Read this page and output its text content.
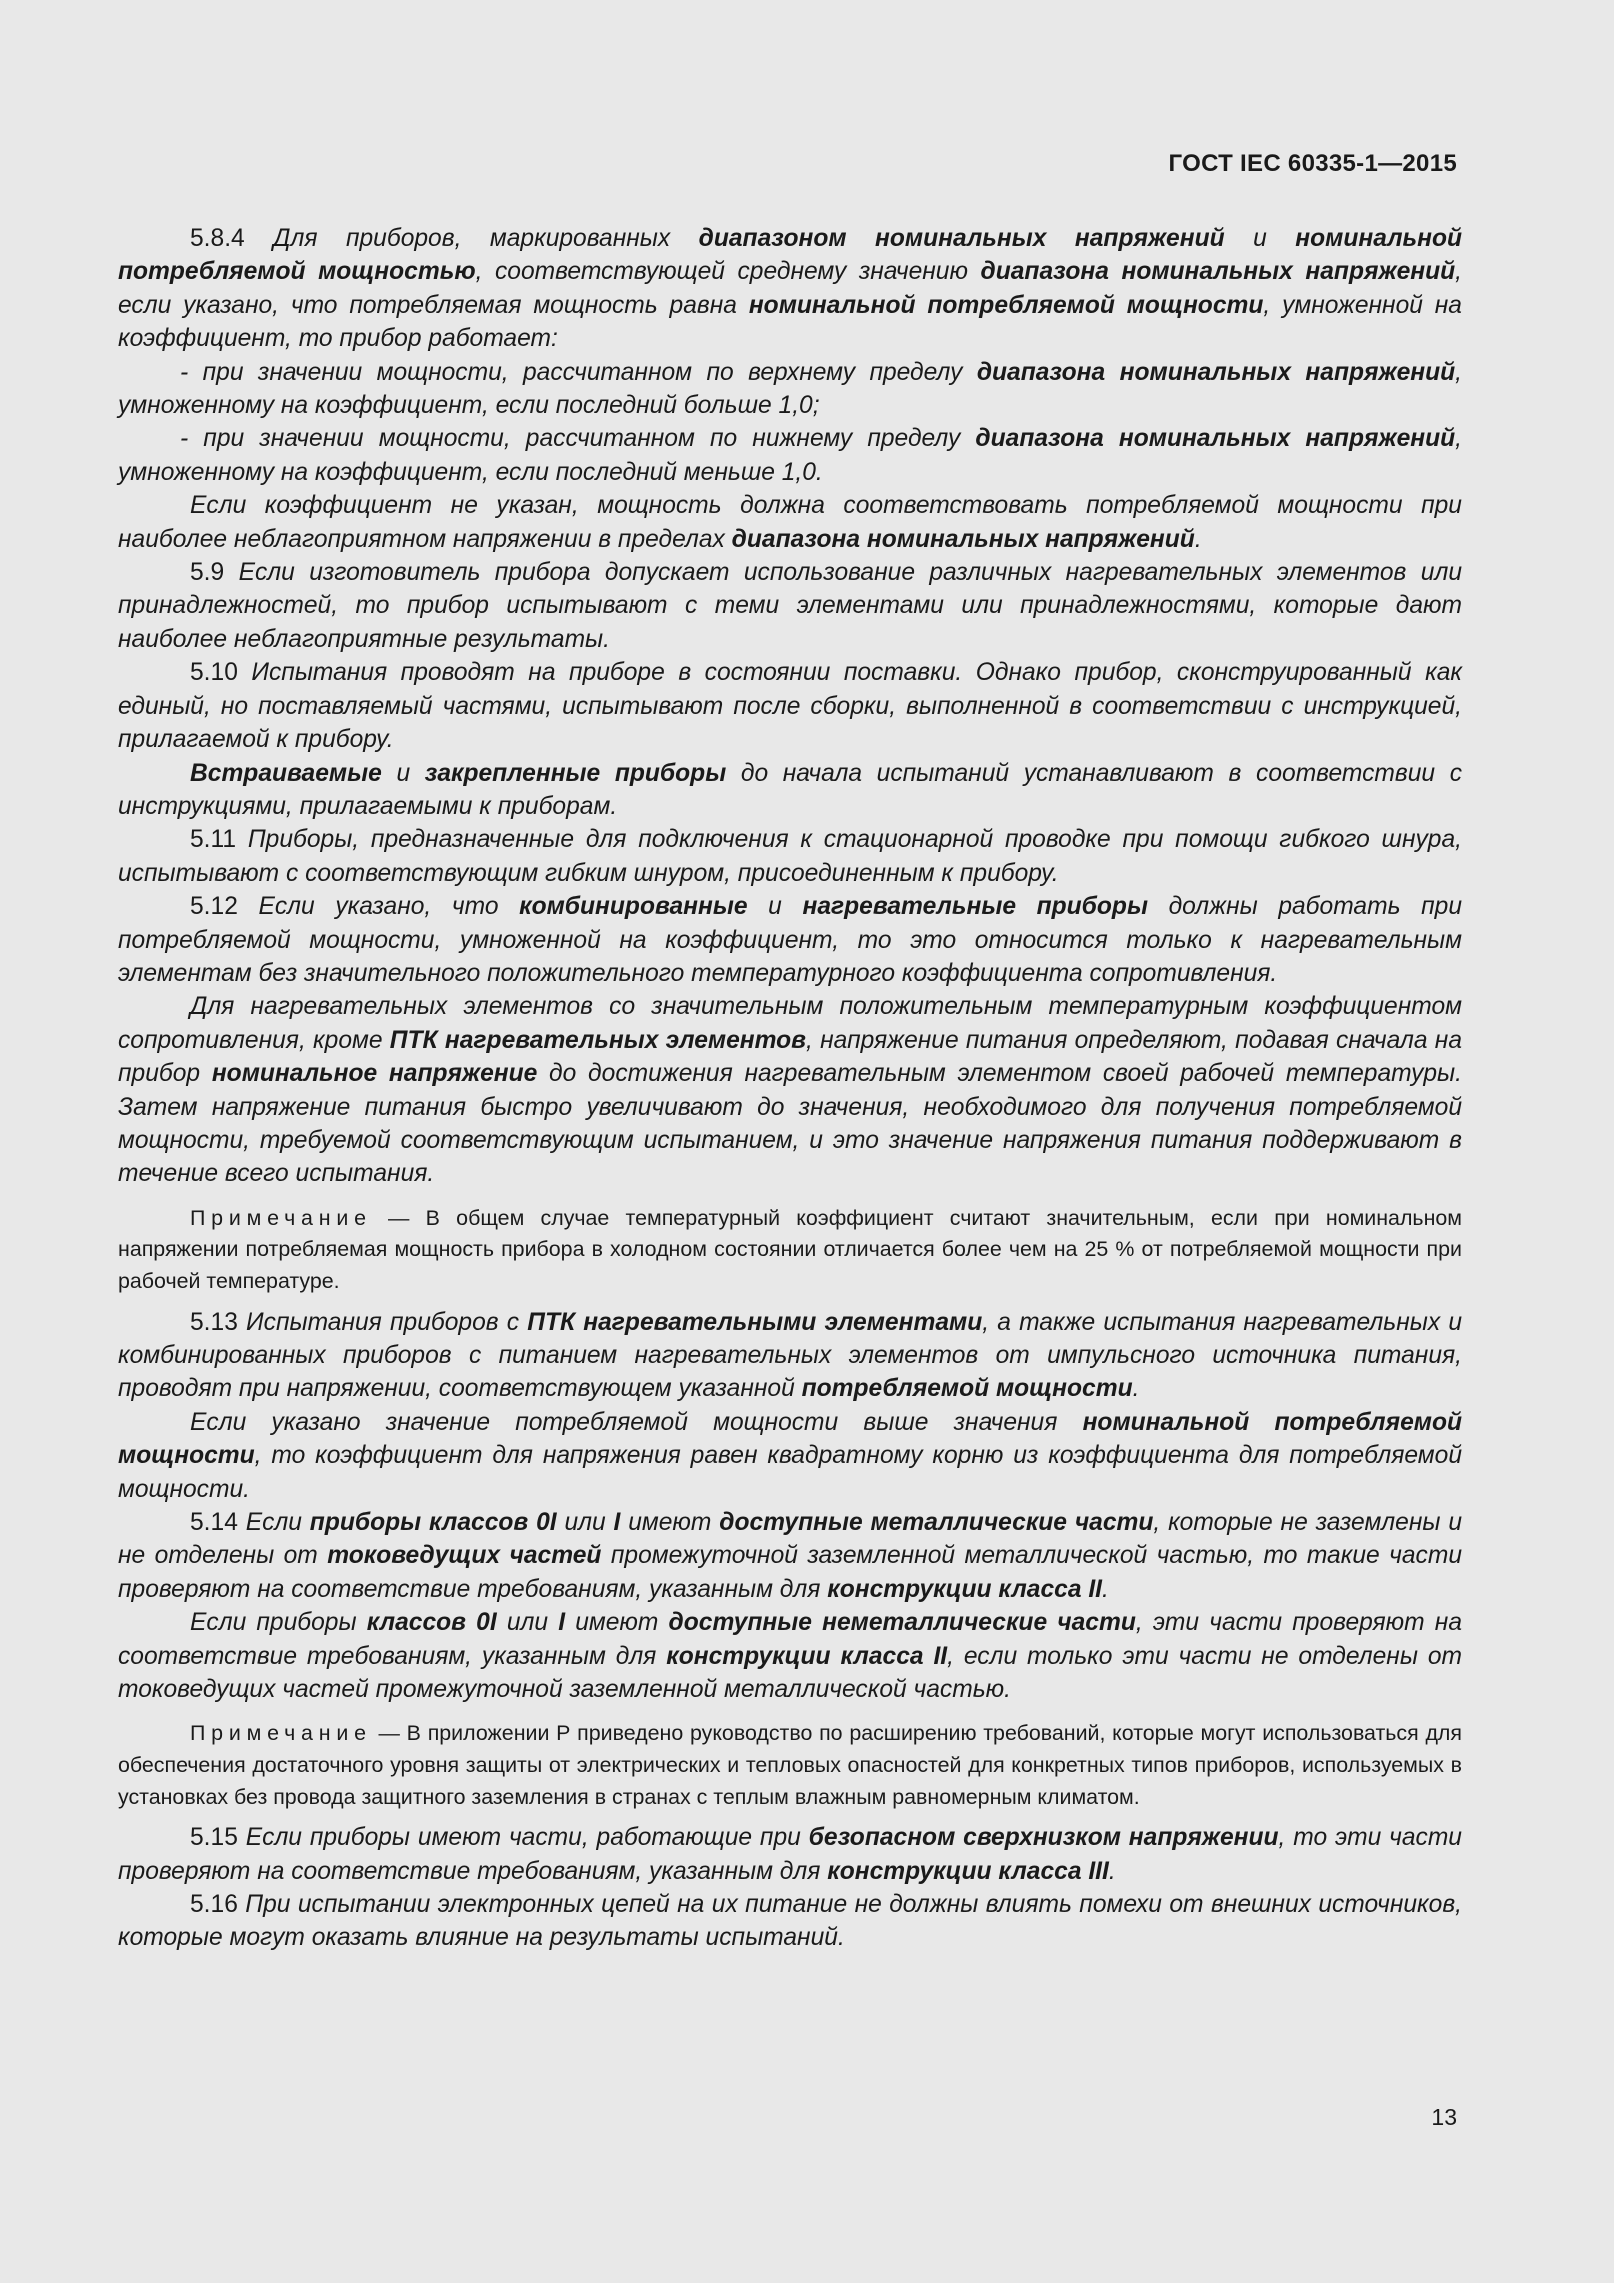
ГОСТ IEC 60335-1—2015

5.8.4 Для приборов, маркированных диапазоном номинальных напряжений и номинальной потребляемой мощностью, соответствующей среднему значению диапазона номинальных напряжений, если указано, что потребляемая мощность равна номинальной потребляемой мощности, умноженной на коэффициент, то прибор работает:

- при значении мощности, рассчитанном по верхнему пределу диапазона номинальных напряжений, умноженному на коэффициент, если последний больше 1,0;

- при значении мощности, рассчитанном по нижнему пределу диапазона номинальных напряжений, умноженному на коэффициент, если последний меньше 1,0.

Если коэффициент не указан, мощность должна соответствовать потребляемой мощности при наиболее неблагоприятном напряжении в пределах диапазона номинальных напряжений.

5.9 Если изготовитель прибора допускает использование различных нагревательных элементов или принадлежностей, то прибор испытывают с теми элементами или принадлежностями, которые дают наиболее неблагоприятные результаты.

5.10 Испытания проводят на приборе в состоянии поставки. Однако прибор, сконструированный как единый, но поставляемый частями, испытывают после сборки, выполненной в соответствии с инструкцией, прилагаемой к прибору.

Встраиваемые и закрепленные приборы до начала испытаний устанавливают в соответствии с инструкциями, прилагаемыми к приборам.

5.11 Приборы, предназначенные для подключения к стационарной проводке при помощи гибкого шнура, испытывают с соответствующим гибким шнуром, присоединенным к прибору.

5.12 Если указано, что комбинированные и нагревательные приборы должны работать при потребляемой мощности, умноженной на коэффициент, то это относится только к нагревательным элементам без значительного положительного температурного коэффициента сопротивления.

Для нагревательных элементов со значительным положительным температурным коэффициентом сопротивления, кроме ПТК нагревательных элементов, напряжение питания определяют, подавая сначала на прибор номинальное напряжение до достижения нагревательным элементом своей рабочей температуры. Затем напряжение питания быстро увеличивают до значения, необходимого для получения потребляемой мощности, требуемой соответствующим испытанием, и это значение напряжения питания поддерживают в течение всего испытания.

Примечание — В общем случае температурный коэффициент считают значительным, если при номинальном напряжении потребляемая мощность прибора в холодном состоянии отличается более чем на 25 % от потребляемой мощности при рабочей температуре.

5.13 Испытания приборов с ПТК нагревательными элементами, а также испытания нагревательных и комбинированных приборов с питанием нагревательных элементов от импульсного источника питания, проводят при напряжении, соответствующем указанной потребляемой мощности.

Если указано значение потребляемой мощности выше значения номинальной потребляемой мощности, то коэффициент для напряжения равен квадратному корню из коэффициента для потребляемой мощности.

5.14 Если приборы классов 0I или I имеют доступные металлические части, которые не заземлены и не отделены от токоведущих частей промежуточной заземленной металлической частью, то такие части проверяют на соответствие требованиям, указанным для конструкции класса II.

Если приборы классов 0I или I имеют доступные неметаллические части, эти части проверяют на соответствие требованиям, указанным для конструкции класса II, если только эти части не отделены от токоведущих частей промежуточной заземленной металлической частью.

Примечание — В приложении Р приведено руководство по расширению требований, которые могут использоваться для обеспечения достаточного уровня защиты от электрических и тепловых опасностей для конкретных типов приборов, используемых в установках без провода защитного заземления в странах с теплым влажным равномерным климатом.

5.15 Если приборы имеют части, работающие при безопасном сверхнизком напряжении, то эти части проверяют на соответствие требованиям, указанным для конструкции класса III.

5.16 При испытании электронных цепей на их питание не должны влиять помехи от внешних источников, которые могут оказать влияние на результаты испытаний.

13
